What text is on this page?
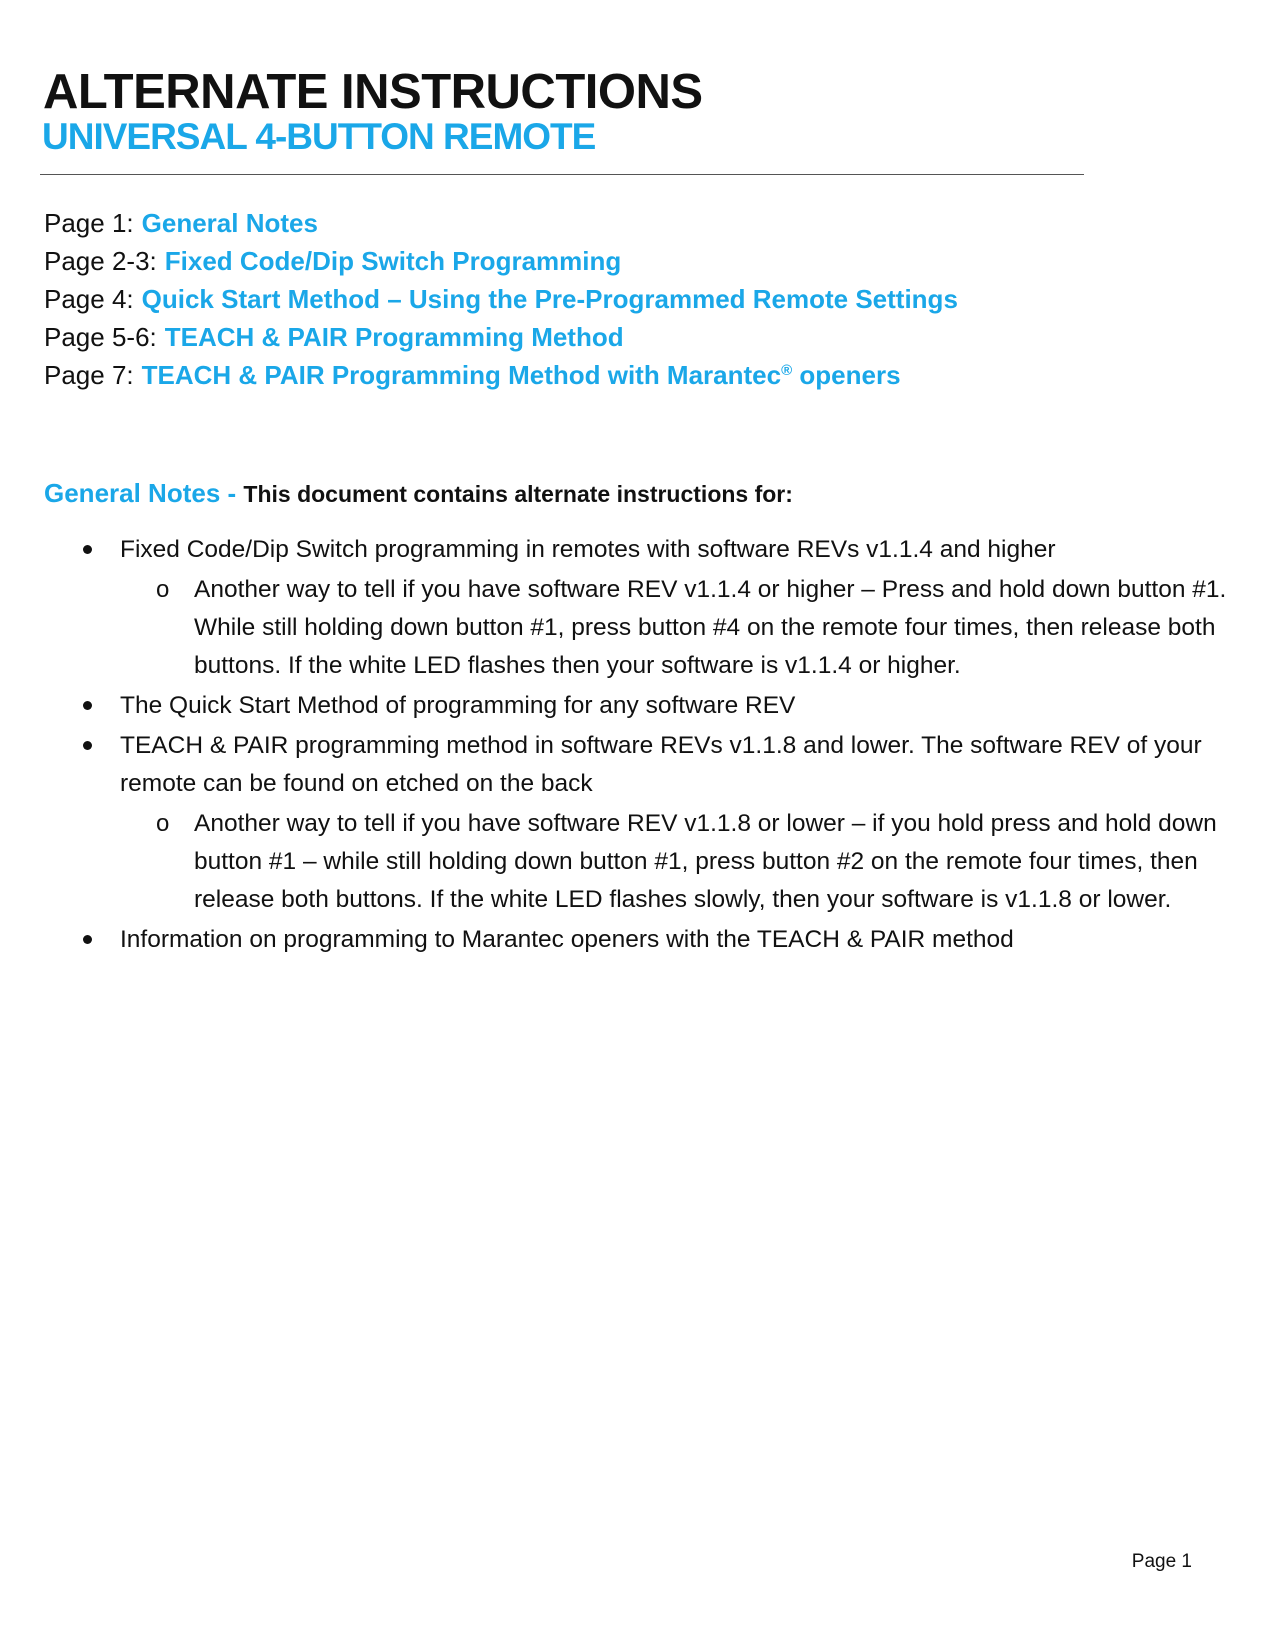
ALTERNATE INSTRUCTIONS
UNIVERSAL 4-BUTTON REMOTE
Page 1: General Notes
Page 2-3: Fixed Code/Dip Switch Programming
Page 4: Quick Start Method – Using the Pre-Programmed Remote Settings
Page 5-6: TEACH & PAIR Programming Method
Page 7: TEACH & PAIR Programming Method with Marantec® openers
General Notes - This document contains alternate instructions for:
Fixed Code/Dip Switch programming in remotes with software REVs v1.1.4 and higher
o Another way to tell if you have software REV v1.1.4 or higher – Press and hold down button #1. While still holding down button #1, press button #4 on the remote four times, then release both buttons. If the white LED flashes then your software is v1.1.4 or higher.
The Quick Start Method of programming for any software REV
TEACH & PAIR programming method in software REVs v1.1.8 and lower. The software REV of your remote can be found on etched on the back
o Another way to tell if you have software REV v1.1.8 or lower – if you hold press and hold down button #1 – while still holding down button #1, press button #2 on the remote four times, then release both buttons. If the white LED flashes slowly, then your software is v1.1.8 or lower.
Information on programming to Marantec openers with the TEACH & PAIR method
Page 1
